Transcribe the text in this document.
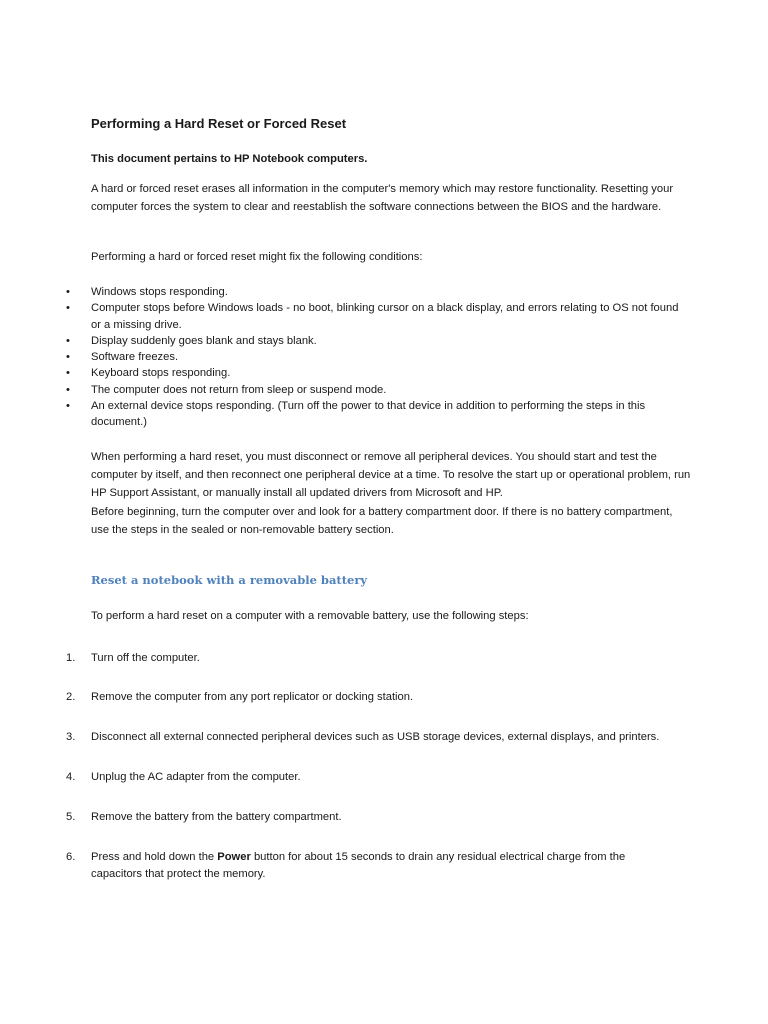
Performing a Hard Reset or Forced Reset

This document pertains to HP Notebook computers.

A hard or forced reset erases all information in the computer's memory which may restore functionality. Resetting your computer forces the system to clear and reestablish the software connections between the BIOS and the hardware.

Performing a hard or forced reset might fix the following conditions:

• Windows stops responding.
• Computer stops before Windows loads - no boot, blinking cursor on a black display, and errors relating to OS not found or a missing drive.
• Display suddenly goes blank and stays blank.
• Software freezes.
• Keyboard stops responding.
• The computer does not return from sleep or suspend mode.
• An external device stops responding. (Turn off the power to that device in addition to performing the steps in this document.)

When performing a hard reset, you must disconnect or remove all peripheral devices. You should start and test the computer by itself, and then reconnect one peripheral device at a time. To resolve the start up or operational problem, run HP Support Assistant, or manually install all updated drivers from Microsoft and HP.

Before beginning, turn the computer over and look for a battery compartment door. If there is no battery compartment, use the steps in the sealed or non-removable battery section.

Reset a notebook with a removable battery

To perform a hard reset on a computer with a removable battery, use the following steps:

1. Turn off the computer.
2. Remove the computer from any port replicator or docking station.
3. Disconnect all external connected peripheral devices such as USB storage devices, external displays, and printers.
4. Unplug the AC adapter from the computer.
5. Remove the battery from the battery compartment.
6. Press and hold down the Power button for about 15 seconds to drain any residual electrical charge from the capacitors that protect the memory.
